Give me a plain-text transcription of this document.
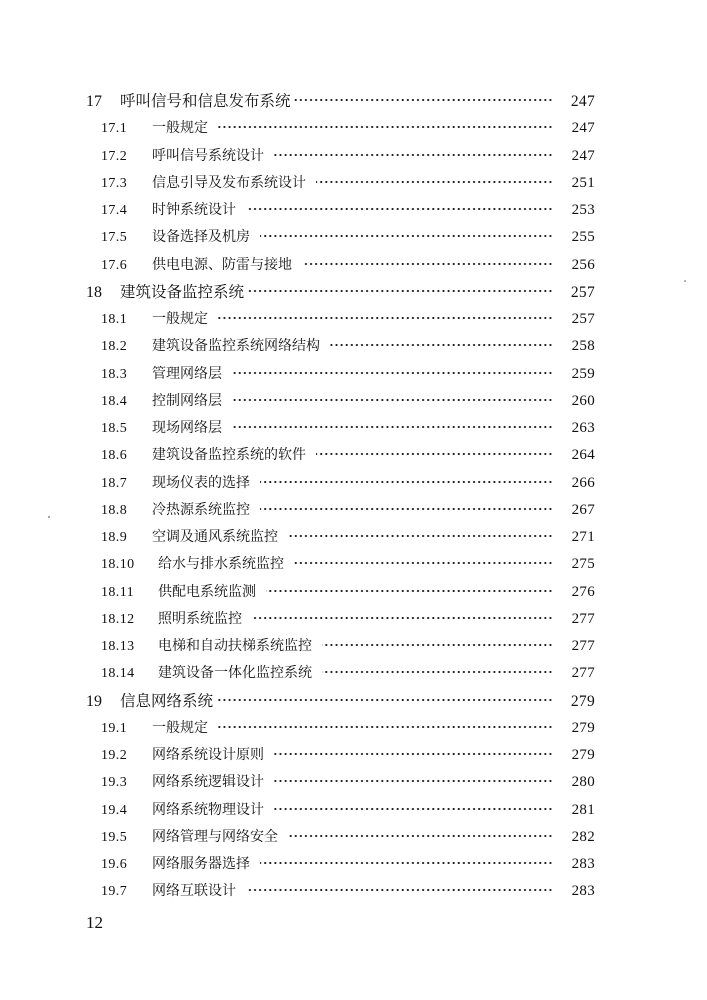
17 呼叫信号和信息发布系统	247
17.1 一般规定	247
17.2 呼叫信号系统设计	247
17.3 信息引导及发布系统设计	251
17.4 时钟系统设计	253
17.5 设备选择及机房	255
17.6 供电电源、防雷与接地	256
18 建筑设备监控系统	257
18.1 一般规定	257
18.2 建筑设备监控系统网络结构	258
18.3 管理网络层	259
18.4 控制网络层	260
18.5 现场网络层	263
18.6 建筑设备监控系统的软件	264
18.7 现场仪表的选择	266
18.8 冷热源系统监控	267
18.9 空调及通风系统监控	271
18.10 给水与排水系统监控	275
18.11 供配电系统监测	276
18.12 照明系统监控	277
18.13 电梯和自动扶梯系统监控	277
18.14 建筑设备一体化监控系统	277
19 信息网络系统	279
19.1 一般规定	279
19.2 网络系统设计原则	279
19.3 网络系统逻辑设计	280
19.4 网络系统物理设计	281
19.5 网络管理与网络安全	282
19.6 网络服务器选择	283
19.7 网络互联设计	283
12
